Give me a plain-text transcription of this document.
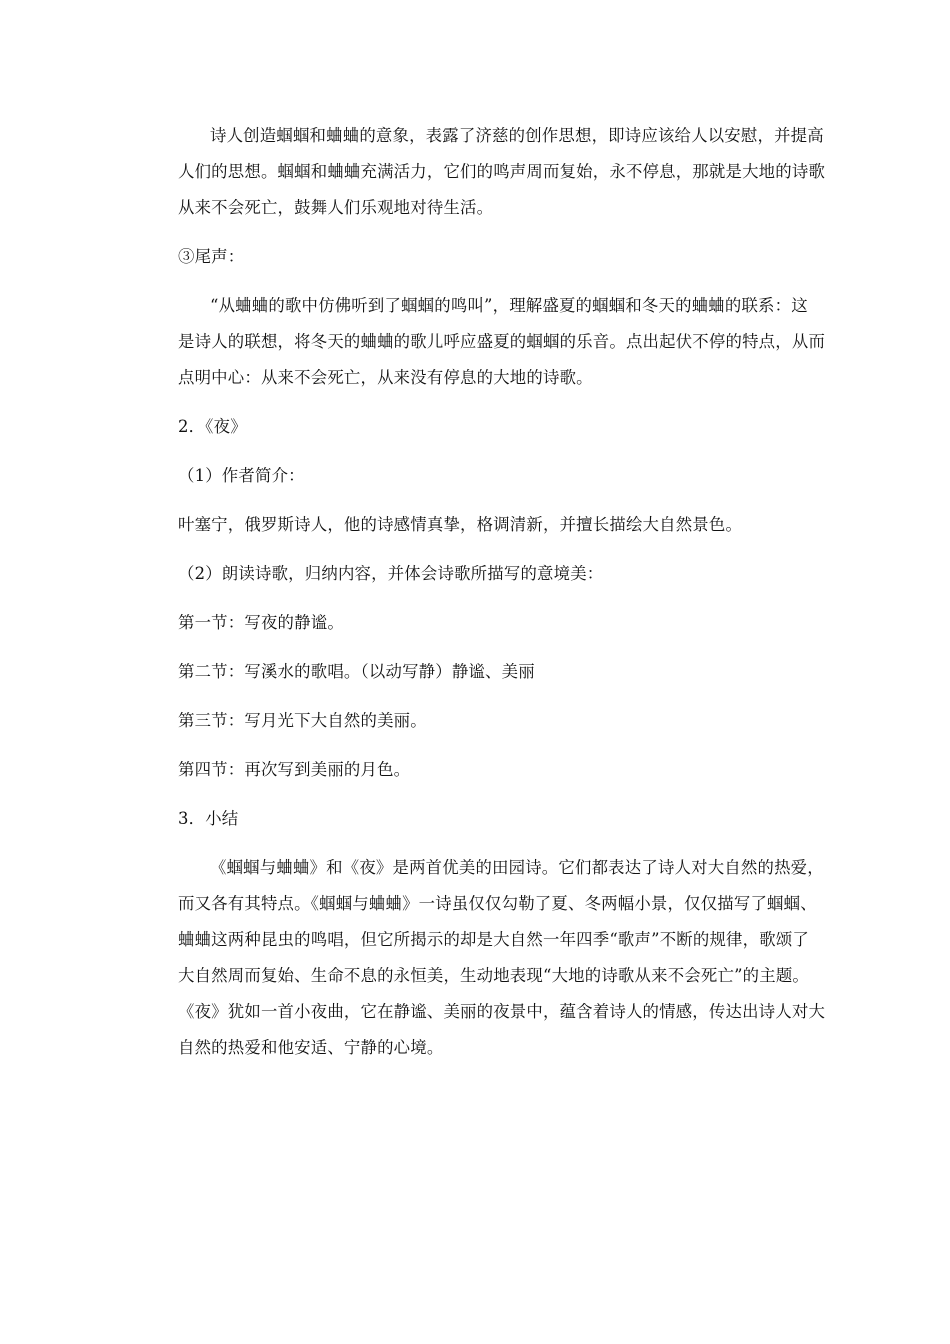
诗人创造蝈蝈和蛐蛐的意象，表露了济慈的创作思想，即诗应该给人以安慰，并提高
人们的思想。蝈蝈和蛐蛐充满活力，它们的鸣声周而复始，永不停息，那就是大地的诗歌
从来不会死亡，鼓舞人们乐观地对待生活。
③尾声：
“从蛐蛐的歌中仿佛听到了蝈蝈的鸣叫”，理解盛夏的蝈蝈和冬天的蛐蛐的联系：这
是诗人的联想，将冬天的蛐蛐的歌儿呼应盛夏的蝈蝈的乐音。点出起伏不停的特点，从而
点明中心：从来不会死亡，从来没有停息的大地的诗歌。
2．《夜》
（1）作者简介：
叶塞宁，俄罗斯诗人，他的诗感情真挚，格调清新，并擅长描绘大自然景色。
（2）朗读诗歌，归纳内容，并体会诗歌所描写的意境美：
第一节：写夜的静谧。
第二节：写溪水的歌唱。（以动写静）静谧、美丽
第三节：写月光下大自然的美丽。
第四节：再次写到美丽的月色。
3．小结
《蝈蝈与蛐蛐》和《夜》是两首优美的田园诗。它们都表达了诗人对大自然的热爱，
而又各有其特点。《蝈蝈与蛐蛐》一诗虽仅仅勾勒了夏、冬两幅小景，仅仅描写了蝈蝈、
蛐蛐这两种昆虫的鸣唱，但它所揭示的却是大自然一年四季“歌声”不断的规律，歌颂了
大自然周而复始、生命不息的永恒美，生动地表现“大地的诗歌从来不会死亡”的主题。
《夜》犹如一首小夜曲，它在静谧、美丽的夜景中，蕴含着诗人的情感，传达出诗人对大
自然的热爱和他安适、宁静的心境。
